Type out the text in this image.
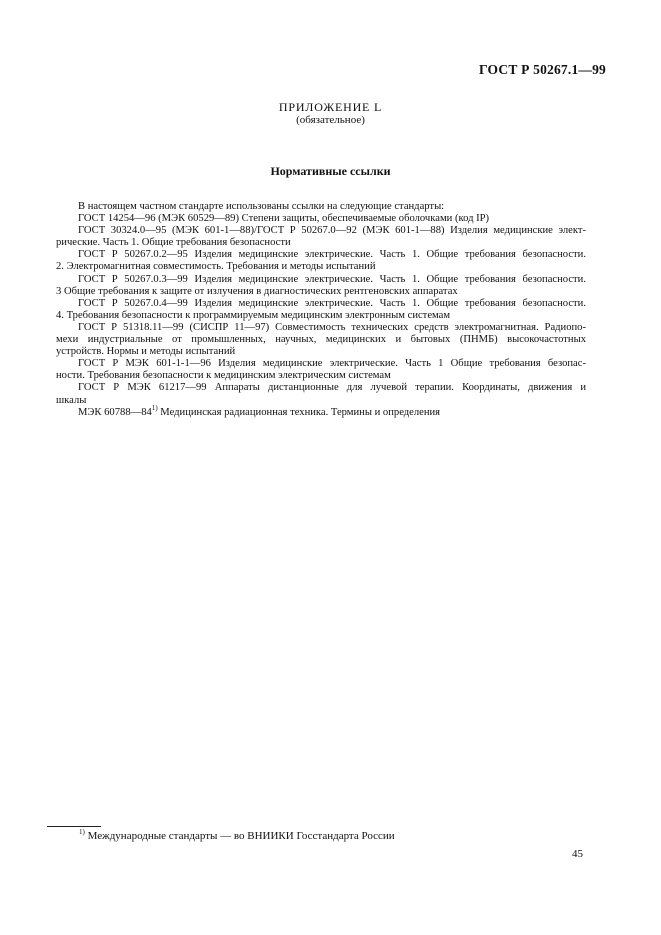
ГОСТ Р 50267.1—99
ПРИЛОЖЕНИЕ L
(обязательное)
Нормативные ссылки

В настоящем частном стандарте использованы ссылки на следующие стандарты:

ГОСТ 14254—96 (МЭК 60529—89) Степени защиты, обеспечиваемые оболочками (код IP)

ГОСТ 30324.0—95 (МЭК 601-1—88)/ГОСТ Р 50267.0—92 (МЭК 601-1—88) Изделия медицинские элект-

рические. Часть 1. Общие требования безопасности

ГОСТ Р 50267.0.2—95 Изделия медицинские электрические. Часть 1. Общие требования безопасности.

2. Электромагнитная совместимость. Требования и методы испытаний

ГОСТ Р 50267.0.3—99 Изделия медицинские электрические. Часть 1. Общие требования безопасности.

3 Общие требования к защите от излучения в диагностических рентгеновских аппаратах

ГОСТ Р 50267.0.4—99 Изделия медицинские электрические. Часть 1. Общие требования безопасности.

4. Требования безопасности к программируемым медицинским электронным системам

ГОСТ Р 51318.11—99 (СИСПР 11—97) Совместимость технических средств электромагнитная. Радиопо-

мехи индустриальные от промышленных, научных, медицинских и бытовых (ПНМБ) высокочастотных

устройств. Нормы и методы испытаний

ГОСТ Р МЭК 601-1-1—96 Изделия медицинские электрические. Часть 1 Общие требования безопас-

ности. Требования безопасности к медицинским электрическим системам

ГОСТ Р МЭК 61217—99 Аппараты дистанционные для лучевой терапии. Координаты, движения и

шкалы

МЭК 60788—84$^{1)}$ Медицинская радиационная техника. Термины и определения

$^{1)}$ Международные стандарты — во ВНИИКИ Госстандарта России
45
